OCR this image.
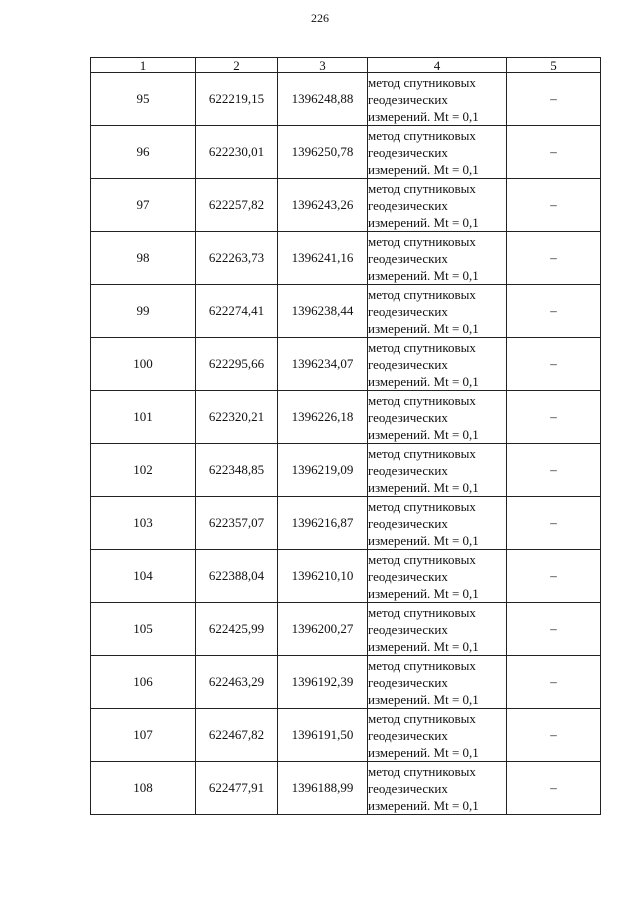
226
1	2	3	4	5
95	622219,15	1396248,88	метод спутниковых
геодезических
измерений. Mt = 0,1	–
96	622230,01	1396250,78	метод спутниковых
геодезических
измерений. Mt = 0,1	–
97	622257,82	1396243,26	метод спутниковых
геодезических
измерений. Mt = 0,1	–
98	622263,73	1396241,16	метод спутниковых
геодезических
измерений. Mt = 0,1	–
99	622274,41	1396238,44	метод спутниковых
геодезических
измерений. Mt = 0,1	–
100	622295,66	1396234,07	метод спутниковых
геодезических
измерений. Mt = 0,1	–
101	622320,21	1396226,18	метод спутниковых
геодезических
измерений. Mt = 0,1	–
102	622348,85	1396219,09	метод спутниковых
геодезических
измерений. Mt = 0,1	–
103	622357,07	1396216,87	метод спутниковых
геодезических
измерений. Mt = 0,1	–
104	622388,04	1396210,10	метод спутниковых
геодезических
измерений. Mt = 0,1	–
105	622425,99	1396200,27	метод спутниковых
геодезических
измерений. Mt = 0,1	–
106	622463,29	1396192,39	метод спутниковых
геодезических
измерений. Mt = 0,1	–
107	622467,82	1396191,50	метод спутниковых
геодезических
измерений. Mt = 0,1	–
108	622477,91	1396188,99	метод спутниковых
геодезических
измерений. Mt = 0,1	–
